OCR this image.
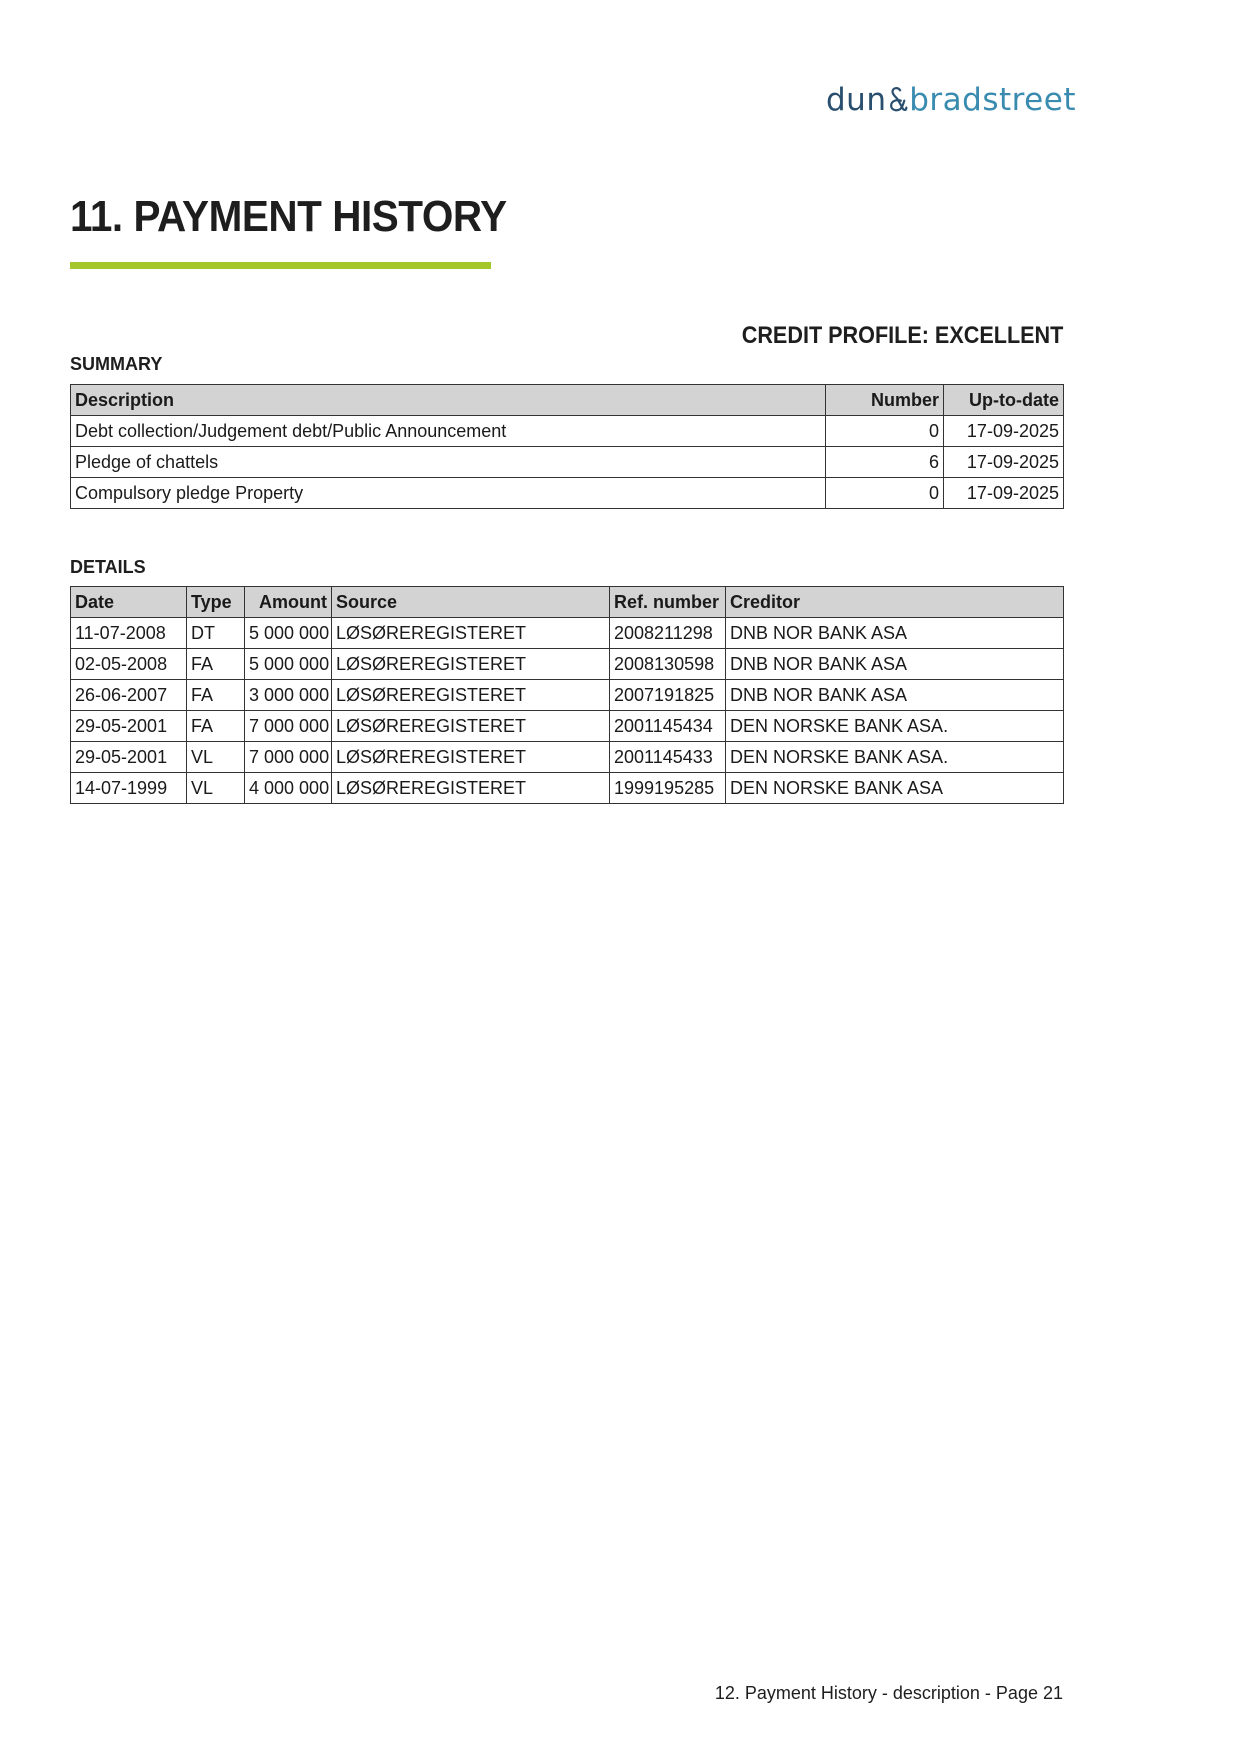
dun bradstreet
11. PAYMENT HISTORY
CREDIT PROFILE: EXCELLENT
SUMMARY
Description	Number	Up-to-date
Debt collection/Judgement debt/Public Announcement	0	17-09-2025
Pledge of chattels	6	17-09-2025
Compulsory pledge Property	0	17-09-2025
DETAILS
Date	Type	Amount	Source	Ref. number	Creditor
11-07-2008	DT	5 000 000	LØSØREREGISTERET	2008211298	DNB NOR BANK ASA
02-05-2008	FA	5 000 000	LØSØREREGISTERET	2008130598	DNB NOR BANK ASA
26-06-2007	FA	3 000 000	LØSØREREGISTERET	2007191825	DNB NOR BANK ASA
29-05-2001	FA	7 000 000	LØSØREREGISTERET	2001145434	DEN NORSKE BANK ASA.
29-05-2001	VL	7 000 000	LØSØREREGISTERET	2001145433	DEN NORSKE BANK ASA.
14-07-1999	VL	4 000 000	LØSØREREGISTERET	1999195285	DEN NORSKE BANK ASA
12. Payment History - description - Page 21
